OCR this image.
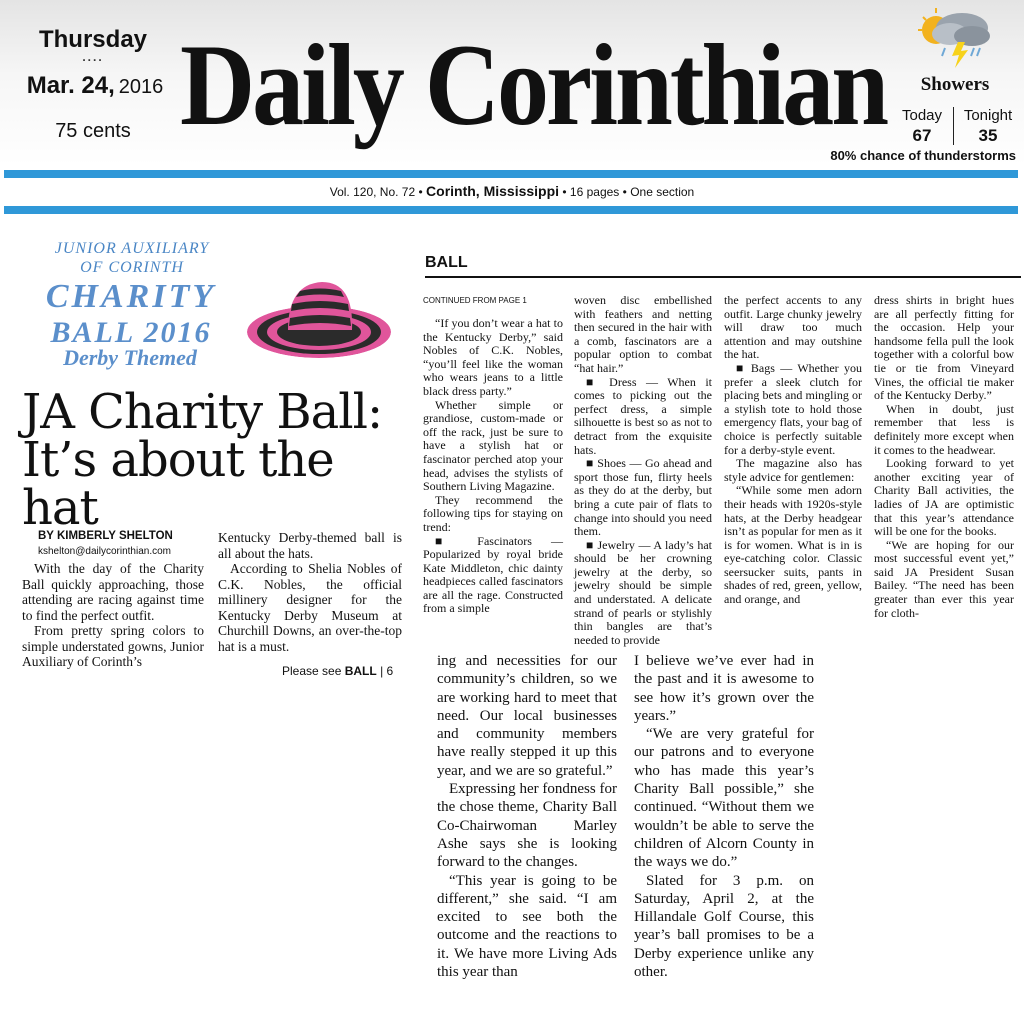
Thursday
....
Mar. 24, 2016
75 cents Daily Corinthian	Showers
Today	Tonight
67	35
80% chance of thunderstorms
Vol. 120, No. 72 • Corinth, Mississippi • 16 pages • One section
JUNIOR AUXILIARY
OF CORINTH
CHARITY
BALL 2016
Derby Themed
JA Charity Ball:
It’s about the hat
BY KIMBERLY SHELTON
kshelton@dailycorinthian.com

With the day of the Charity Ball quickly approaching, those attending are racing against time to find the perfect outfit.

From pretty spring colors to simple understated gowns, Junior Auxiliary of Corinth’s

Kentucky Derby-themed ball is all about the hats.

According to Shelia Nobles of C.K. Nobles, the official millinery designer for the Kentucky Derby Museum at Churchill Downs, an over-the-top hat is a must.

Please see BALL | 6
BALL

CONTINUED FROM PAGE 1

“If you don’t wear a hat to the Kentucky Derby,” said Nobles of C.K. Nobles, “you’ll feel like the woman who wears jeans to a little black dress party.”

Whether simple or grandiose, custom-made or off the rack, just be sure to have a stylish hat or fascinator perched atop your head, advises the stylists of Southern Living Magazine.

They recommend the following tips for staying on trend:

■ Fascinators — Popularized by royal bride Kate Middleton, chic dainty headpieces called fascinators are all the rage. Constructed from a simple

woven disc embellished with feathers and netting then secured in the hair with a comb, fascinators are a popular option to combat “hat hair.”

■ Dress — When it comes to picking out the perfect dress, a simple silhouette is best so as not to detract from the exquisite hats.

■ Shoes — Go ahead and sport those fun, flirty heels as they do at the derby, but bring a cute pair of flats to change into should you need them.

■ Jewelry — A lady’s hat should be her crowning jewelry at the derby, so jewelry should be simple and understated. A delicate strand of pearls or stylishly thin bangles are that’s needed to provide

the perfect accents to any outfit. Large chunky jewelry will draw too much attention and may outshine the hat.

■ Bags — Whether you prefer a sleek clutch for placing bets and mingling or a stylish tote to hold those emergency flats, your bag of choice is perfectly suitable for a derby-style event.

The magazine also has style advice for gentlemen:

“While some men adorn their heads with 1920s-style hats, at the Derby headgear isn’t as popular for men as it is for women. What is in is eye-catching color. Classic seersucker suits, pants in shades of red, green, yellow, and orange, and

dress shirts in bright hues are all perfectly fitting for the occasion. Help your handsome fella pull the look together with a colorful bow tie or tie from Vineyard Vines, the official tie maker of the Kentucky Derby.”

When in doubt, just remember that less is definitely more except when it comes to the headwear.

Looking forward to yet another exciting year of Charity Ball activities, the ladies of JA are optimistic that this year’s attendance will be one for the books.

“We are hoping for our most successful event yet,” said JA President Susan Bailey. “The need has been greater than ever this year for cloth-

ing and necessities for our community’s children, so we are working hard to meet that need. Our local businesses and community members have really stepped it up this year, and we are so grateful.”

Expressing her fondness for the chose theme, Charity Ball Co-Chairwoman Marley Ashe says she is looking forward to the changes.

“This year is going to be different,” she said. “I am excited to see both the outcome and the reactions to it. We have more Living Ads this year than

I believe we’ve ever had in the past and it is awesome to see how it’s grown over the years.”

“We are very grateful for our patrons and to everyone who has made this year’s Charity Ball possible,” she continued. “Without them we wouldn’t be able to serve the children of Alcorn County in the ways we do.”

Slated for 3 p.m. on Saturday, April 2, at the Hillandale Golf Course, this year’s ball promises to be a Derby experience unlike any other.
